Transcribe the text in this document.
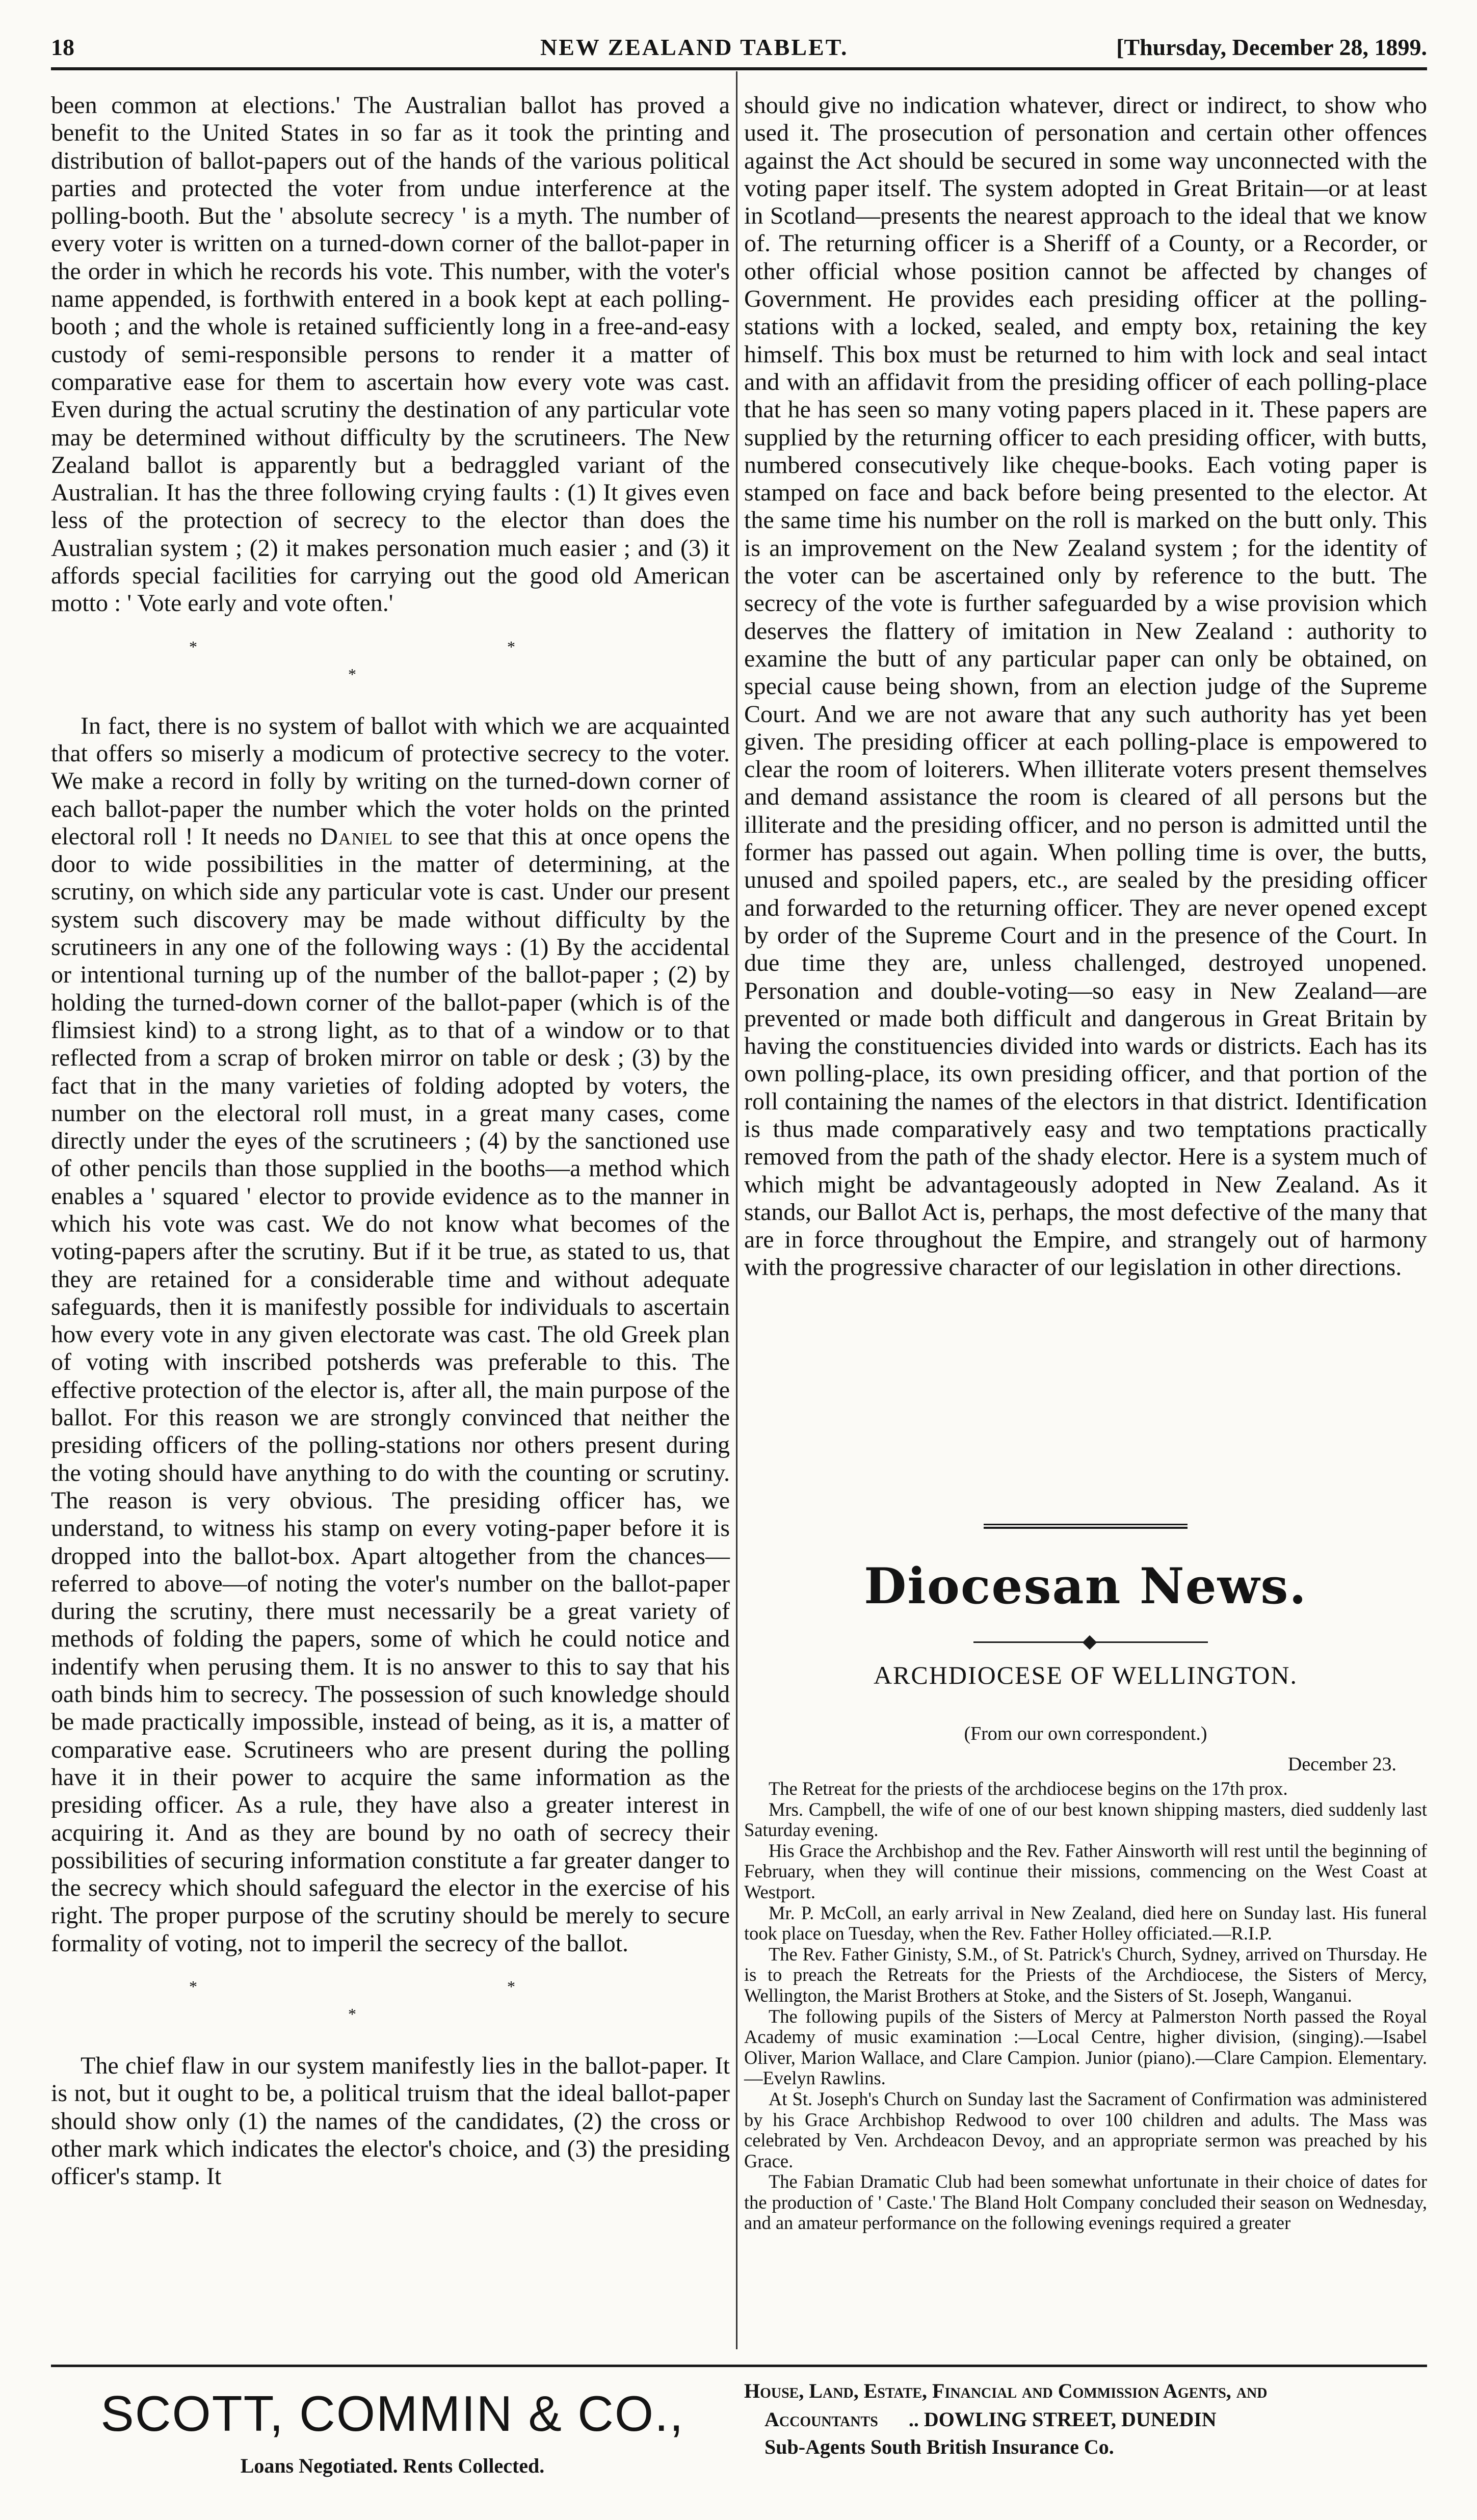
18	NEW ZEALAND TABLET.	[Thursday, December 28, 1899.

been common at elections.' The Australian ballot has proved a benefit to the United States in so far as it took the printing and distribution of ballot-papers out of the hands of the various political parties and protected the voter from undue interference at the polling-booth. But the ' absolute secrecy ' is a myth. The number of every voter is written on a turned-down corner of the ballot-paper in the order in which he records his vote. This number, with the voter's name appended, is forthwith entered in a book kept at each polling-booth ; and the whole is retained sufficiently long in a free-and-easy custody of semi-responsible persons to render it a matter of comparative ease for them to ascertain how every vote was cast. Even during the actual scrutiny the destination of any particular vote may be determined without difficulty by the scrutineers. The New Zealand ballot is apparently but a bedraggled variant of the Australian. It has the three following crying faults : (1) It gives even less of the protection of secrecy to the elector than does the Australian system ; (2) it makes personation much easier ; and (3) it affords special facilities for carrying out the good old American motto : ' Vote early and vote often.'

* * *

In fact, there is no system of ballot with which we are acquainted that offers so miserly a modicum of protective secrecy to the voter. We make a record in folly by writing on the turned-down corner of each ballot-paper the number which the voter holds on the printed electoral roll ! It needs no Daniel to see that this at once opens the door to wide possibilities in the matter of determining, at the scrutiny, on which side any particular vote is cast. Under our present system such discovery may be made without difficulty by the scrutineers in any one of the following ways : (1) By the accidental or intentional turning up of the number of the ballot-paper ; (2) by holding the turned-down corner of the ballot-paper (which is of the flimsiest kind) to a strong light, as to that of a window or to that reflected from a scrap of broken mirror on table or desk ; (3) by the fact that in the many varieties of folding adopted by voters, the number on the electoral roll must, in a great many cases, come directly under the eyes of the scrutineers ; (4) by the sanctioned use of other pencils than those supplied in the booths—a method which enables a ' squared ' elector to provide evidence as to the manner in which his vote was cast. We do not know what becomes of the voting-papers after the scrutiny. But if it be true, as stated to us, that they are retained for a considerable time and without adequate safeguards, then it is manifestly possible for individuals to ascertain how every vote in any given electorate was cast. The old Greek plan of voting with inscribed potsherds was preferable to this. The effective protection of the elector is, after all, the main purpose of the ballot. For this reason we are strongly convinced that neither the presiding officers of the polling-stations nor others present during the voting should have anything to do with the counting or scrutiny. The reason is very obvious. The presiding officer has, we understand, to witness his stamp on every voting-paper before it is dropped into the ballot-box. Apart altogether from the chances—referred to above—of noting the voter's number on the ballot-paper during the scrutiny, there must necessarily be a great variety of methods of folding the papers, some of which he could notice and indentify when perusing them. It is no answer to this to say that his oath binds him to secrecy. The possession of such knowledge should be made practically impossible, instead of being, as it is, a matter of comparative ease. Scrutineers who are present during the polling have it in their power to acquire the same information as the presiding officer. As a rule, they have also a greater interest in acquiring it. And as they are bound by no oath of secrecy their possibilities of securing information constitute a far greater danger to the secrecy which should safeguard the elector in the exercise of his right. The proper purpose of the scrutiny should be merely to secure formality of voting, not to imperil the secrecy of the ballot.

* * *

The chief flaw in our system manifestly lies in the ballot-paper. It is not, but it ought to be, a political truism that the ideal ballot-paper should show only (1) the names of the candidates, (2) the cross or other mark which indicates the elector's choice, and (3) the presiding officer's stamp. It

should give no indication whatever, direct or indirect, to show who used it. The prosecution of personation and certain other offences against the Act should be secured in some way unconnected with the voting paper itself. The system adopted in Great Britain—or at least in Scotland—presents the nearest approach to the ideal that we know of. The returning officer is a Sheriff of a County, or a Recorder, or other official whose position cannot be affected by changes of Government. He provides each presiding officer at the polling-stations with a locked, sealed, and empty box, retaining the key himself. This box must be returned to him with lock and seal intact and with an affidavit from the presiding officer of each polling-place that he has seen so many voting papers placed in it. These papers are supplied by the returning officer to each presiding officer, with butts, numbered consecutively like cheque-books. Each voting paper is stamped on face and back before being presented to the elector. At the same time his number on the roll is marked on the butt only. This is an improvement on the New Zealand system ; for the identity of the voter can be ascertained only by reference to the butt. The secrecy of the vote is further safeguarded by a wise provision which deserves the flattery of imitation in New Zealand : authority to examine the butt of any particular paper can only be obtained, on special cause being shown, from an election judge of the Supreme Court. And we are not aware that any such authority has yet been given. The presiding officer at each polling-place is empowered to clear the room of loiterers. When illiterate voters present themselves and demand assistance the room is cleared of all persons but the illiterate and the presiding officer, and no person is admitted until the former has passed out again. When polling time is over, the butts, unused and spoiled papers, etc., are sealed by the presiding officer and forwarded to the returning officer. They are never opened except by order of the Supreme Court and in the presence of the Court. In due time they are, unless challenged, destroyed unopened. Personation and double-voting—so easy in New Zealand—are prevented or made both difficult and dangerous in Great Britain by having the constituencies divided into wards or districts. Each has its own polling-place, its own presiding officer, and that portion of the roll containing the names of the electors in that district. Identification is thus made comparatively easy and two temptations practically removed from the path of the shady elector. Here is a system much of which might be advantageously adopted in New Zealand. As it stands, our Ballot Act is, perhaps, the most defective of the many that are in force throughout the Empire, and strangely out of harmony with the progressive character of our legislation in other directions.

Diocesan News.
ARCHDIOCESE OF WELLINGTON.
(From our own correspondent.)
December 23.

The Retreat for the priests of the archdiocese begins on the 17th prox.

Mrs. Campbell, the wife of one of our best known shipping masters, died suddenly last Saturday evening.

His Grace the Archbishop and the Rev. Father Ainsworth will rest until the beginning of February, when they will continue their missions, commencing on the West Coast at Westport.

Mr. P. McColl, an early arrival in New Zealand, died here on Sunday last. His funeral took place on Tuesday, when the Rev. Father Holley officiated.—R.I.P.

The Rev. Father Ginisty, S.M., of St. Patrick's Church, Sydney, arrived on Thursday. He is to preach the Retreats for the Priests of the Archdiocese, the Sisters of Mercy, Wellington, the Marist Brothers at Stoke, and the Sisters of St. Joseph, Wanganui.

The following pupils of the Sisters of Mercy at Palmerston North passed the Royal Academy of music examination :—Local Centre, higher division, (singing).—Isabel Oliver, Marion Wallace, and Clare Campion. Junior (piano).—Clare Campion. Elementary.—Evelyn Rawlins.

At St. Joseph's Church on Sunday last the Sacrament of Confirmation was administered by his Grace Archbishop Redwood to over 100 children and adults. The Mass was celebrated by Ven. Archdeacon Devoy, and an appropriate sermon was preached by his Grace.

The Fabian Dramatic Club had been somewhat unfortunate in their choice of dates for the production of ' Caste.' The Bland Holt Company concluded their season on Wednesday, and an amateur performance on the following evenings required a greater

SCOTT, COMMIN & CO.,
Loans Negotiated. Rents Collected.
House, Land, Estate, Financial and Commission Agents, and
Accountants .. DOWLING STREET, DUNEDIN
Sub-Agents South British Insurance Co.
